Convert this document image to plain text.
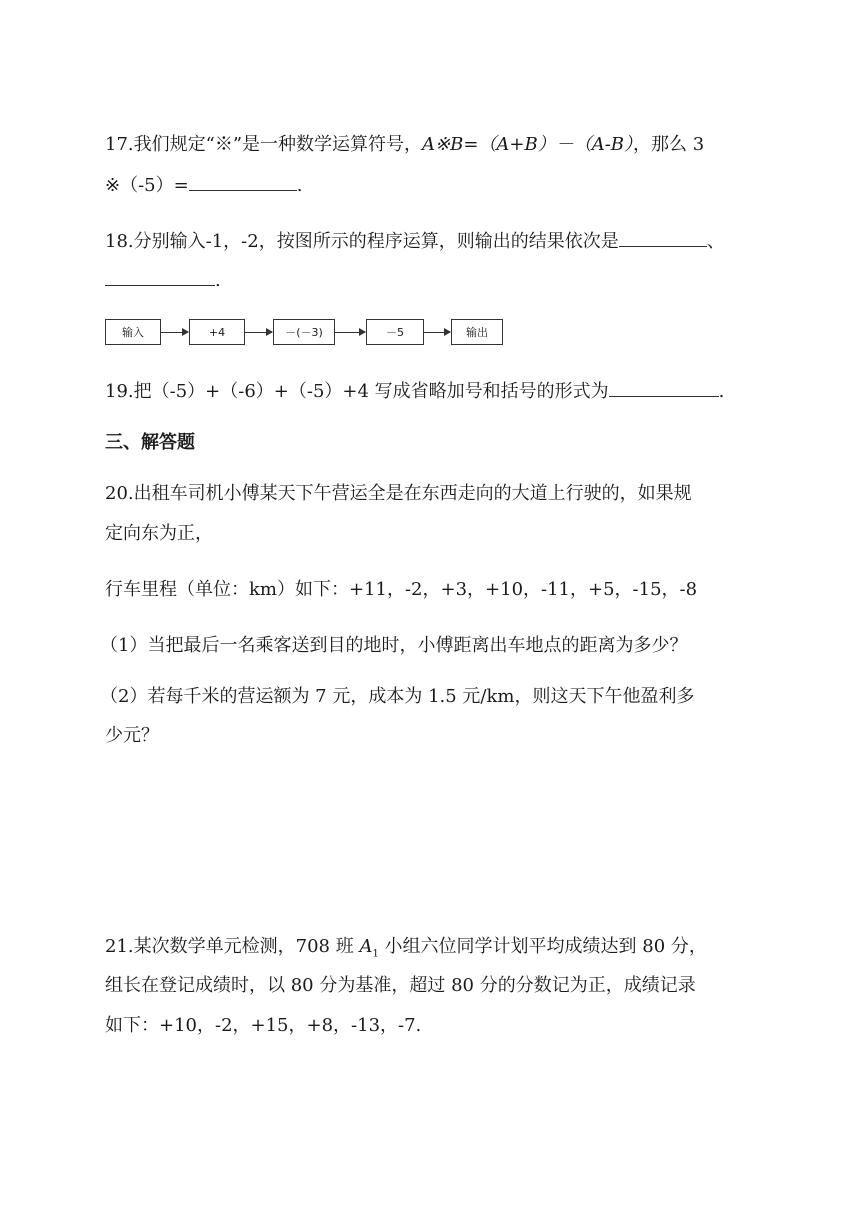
17.我们规定“※”是一种数学运算符号，A※B=（A+B）－（A-B），那么 3
※（-5）=	.
18.分别输入-1，-2，按图所示的程序运算，则输出的结果依次是	、
.
输入	+4	－(－3)	－5	输出
19.把（-5）+（-6）+（-5）+4 写成省略加号和括号的形式为	.
三、解答题
20.出租车司机小傅某天下午营运全是在东西走向的大道上行驶的，如果规
定向东为正，
行车里程（单位：km）如下：+11，-2，+3，+10，-11，+5，-15，-8
（1）当把最后一名乘客送到目的地时，小傅距离出车地点的距离为多少？
（2）若每千米的营运额为 7 元，成本为 1.5 元/km，则这天下午他盈利多
少元？
21.某次数学单元检测，708 班 $A_1$ 小组六位同学计划平均成绩达到 80 分，
组长在登记成绩时，以 80 分为基准，超过 80 分的分数记为正，成绩记录
如下：+10，-2，+15，+8，-13，-7.
